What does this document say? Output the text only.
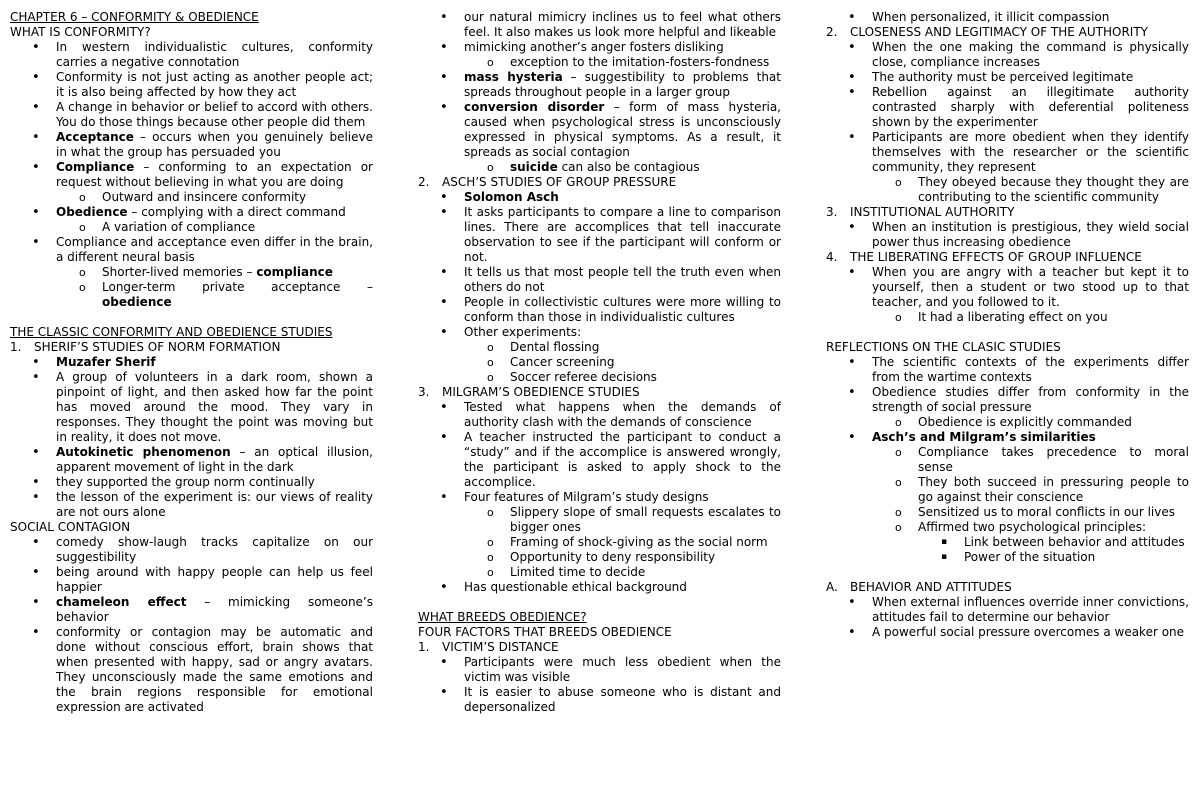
CHAPTER 6 – CONFORMITY & OBEDIENCE
WHAT IS CONFORMITY?
• In western individualistic cultures, conformity carries a negative connotation
• Conformity is not just acting as another people act; it is also being affected by how they act
• A change in behavior or belief to accord with others. You do those things because other people did them
• Acceptance – occurs when you genuinely believe in what the group has persuaded you
• Compliance – conforming to an expectation or request without believing in what you are doing
o Outward and insincere conformity
• Obedience – complying with a direct command
o A variation of compliance
• Compliance and acceptance even differ in the brain, a different neural basis
o Shorter-lived memories – compliance
o Longer-term private acceptance – obedience
THE CLASSIC CONFORMITY AND OBEDIENCE STUDIES
1. SHERIF’S STUDIES OF NORM FORMATION
• Muzafer Sherif
• A group of volunteers in a dark room, shown a pinpoint of light, and then asked how far the point has moved around the mood. They vary in responses. They thought the point was moving but in reality, it does not move.
• Autokinetic phenomenon – an optical illusion, apparent movement of light in the dark
• they supported the group norm continually
• the lesson of the experiment is: our views of reality are not ours alone
SOCIAL CONTAGION
• comedy show-laugh tracks capitalize on our suggestibility
• being around with happy people can help us feel happier
• chameleon effect – mimicking someone’s behavior
• conformity or contagion may be automatic and done without conscious effort, brain shows that when presented with happy, sad or angry avatars. They unconsciously made the same emotions and the brain regions responsible for emotional expression are activated
• our natural mimicry inclines us to feel what others feel. It also makes us look more helpful and likeable
• mimicking another’s anger fosters disliking
o exception to the imitation-fosters-fondness
• mass hysteria – suggestibility to problems that spreads throughout people in a larger group
• conversion disorder – form of mass hysteria, caused when psychological stress is unconsciously expressed in physical symptoms. As a result, it spreads as social contagion
o suicide can also be contagious
2. ASCH’S STUDIES OF GROUP PRESSURE
• Solomon Asch
• It asks participants to compare a line to comparison lines. There are accomplices that tell inaccurate observation to see if the participant will conform or not.
• It tells us that most people tell the truth even when others do not
• People in collectivistic cultures were more willing to conform than those in individualistic cultures
• Other experiments:
o Dental flossing
o Cancer screening
o Soccer referee decisions
3. MILGRAM’S OBEDIENCE STUDIES
• Tested what happens when the demands of authority clash with the demands of conscience
• A teacher instructed the participant to conduct a “study” and if the accomplice is answered wrongly, the participant is asked to apply shock to the accomplice.
• Four features of Milgram’s study designs
o Slippery slope of small requests escalates to bigger ones
o Framing of shock-giving as the social norm
o Opportunity to deny responsibility
o Limited time to decide
• Has questionable ethical background
WHAT BREEDS OBEDIENCE?
FOUR FACTORS THAT BREEDS OBEDIENCE
1. VICTIM’S DISTANCE
• Participants were much less obedient when the victim was visible
• It is easier to abuse someone who is distant and depersonalized
• When personalized, it illicit compassion
2. CLOSENESS AND LEGITIMACY OF THE AUTHORITY
• When the one making the command is physically close, compliance increases
• The authority must be perceived legitimate
• Rebellion against an illegitimate authority contrasted sharply with deferential politeness shown by the experimenter
• Participants are more obedient when they identify themselves with the researcher or the scientific community, they represent
o They obeyed because they thought they are contributing to the scientific community
3. INSTITUTIONAL AUTHORITY
• When an institution is prestigious, they wield social power thus increasing obedience
4. THE LIBERATING EFFECTS OF GROUP INFLUENCE
• When you are angry with a teacher but kept it to yourself, then a student or two stood up to that teacher, and you followed to it.
o It had a liberating effect on you
REFLECTIONS ON THE CLASIC STUDIES
• The scientific contexts of the experiments differ from the wartime contexts
• Obedience studies differ from conformity in the strength of social pressure
o Obedience is explicitly commanded
• Asch’s and Milgram’s similarities
o Compliance takes precedence to moral sense
o They both succeed in pressuring people to go against their conscience
o Sensitized us to moral conflicts in our lives
o Affirmed two psychological principles:
▪ Link between behavior and attitudes
▪ Power of the situation
A. BEHAVIOR AND ATTITUDES
• When external influences override inner convictions, attitudes fail to determine our behavior
• A powerful social pressure overcomes a weaker one
